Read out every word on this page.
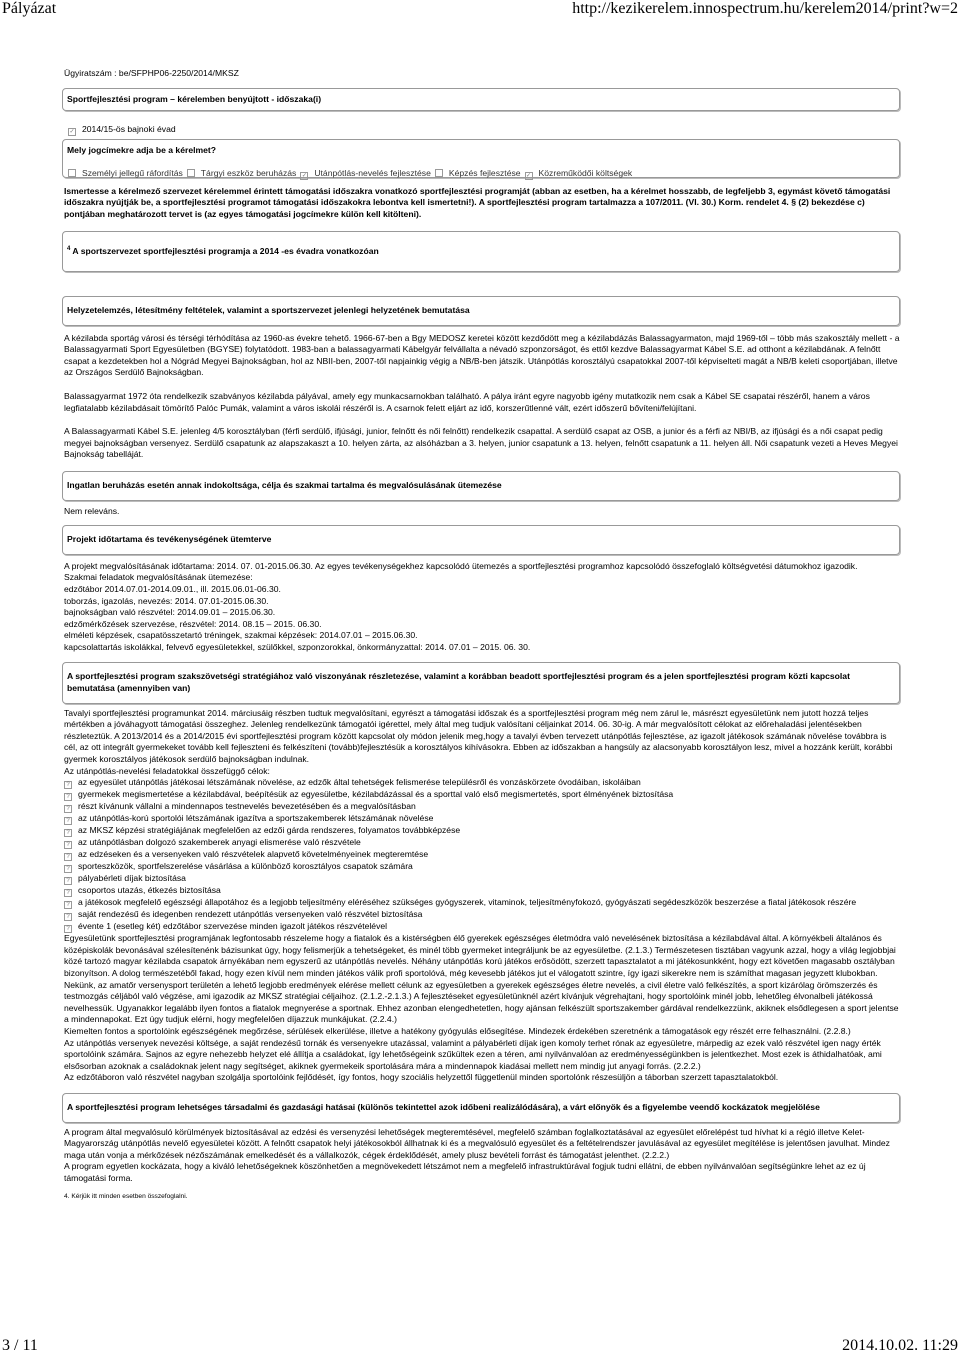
Pályázat	http://kezikerelem.innospectrum.hu/kerelem2014/print?w=2

Ügyiratszám : be/SFPHP06-2250/2014/MKSZ

Sportfejlesztési program – kérelemben benyújtott - időszaka(i)
✓ 2014/15-ös bajnoki évad
Mely jogcímekre adja be a kérelmet?
Személyi jellegű ráfordítás Tárgyi eszköz beruházás ✓ Utánpótlás-nevelés fejlesztése Képzés fejlesztése ✓ Közreműködői költségek

Ismertesse a kérelmező szervezet kérelemmel érintett támogatási időszakra vonatkozó sportfejlesztési programját (abban az esetben, ha a kérelmet hosszabb, de legfeljebb 3, egymást követő támogatási időszakra nyújtják be, a sportfejlesztési programot támogatási időszakokra lebontva kell ismertetni!). A sportfejlesztési program tartalmazza a 107/2011. (VI. 30.) Korm. rendelet 4. § (2) bekezdése c) pontjában meghatározott tervet is (az egyes támogatási jogcímekre külön kell kitölteni).

$^4$ A sportszervezet sportfejlesztési programja a 2014 -es évadra vonatkozóan
Helyzetelemzés, létesítmény feltételek, valamint a sportszervezet jelenlegi helyzetének bemutatása

A kézilabda sportág városi és térségi térhódítása az 1960-as évekre tehető. 1966-67-ben a Bgy MEDOSZ keretei között kezdődött meg a kézilabdázás Balassagyarmaton, majd 1969-től – több más szakosztály mellett - a Balassagyarmati Sport Egyesületben (BGYSE) folytatódott. 1983-ban a balassagyarmati Kábelgyár felvállalta a névadó szponzorságot, és ettől kezdve Balassagyarmat Kábel S.E. ad otthont a kézilabdának. A felnőtt csapat a kezdetekben hol a Nógrád Megyei Bajnokságban, hol az NBII-ben, 2007-től napjainkig végig a NB/B-ben játszik. Utánpótlás korosztályú csapatokkal 2007-től képviselteti magát a NB/B keleti csoportjában, illetve az Országos Serdülő Bajnokságban.

Balassagyarmat 1972 óta rendelkezik szabványos kézilabda pályával, amely egy munkacsarnokban található. A pálya iránt egyre nagyobb igény mutatkozik nem csak a Kábel SE csapatai részéről, hanem a város legfiatalabb kézilabdásait tömörítő Palóc Pumák, valamint a város iskolái részéről is. A csarnok felett eljárt az idő, korszerűtlenné vált, ezért időszerű bővíteni/felújítani.

A Balassagyarmati Kábel S.E. jelenleg 4/5 korosztályban (férfi serdülő, ifjúsági, junior, felnőtt és női felnőtt) rendelkezik csapattal. A serdülő csapat az OSB, a junior és a férfi az NBI/B, az ifjúsági és a női csapat pedig megyei bajnokságban versenyez. Serdülő csapatunk az alapszakaszt a 10. helyen zárta, az alsóházban a 3. helyen, junior csapatunk a 13. helyen, felnőtt csapatunk a 11. helyen áll. Női csapatunk vezeti a Heves Megyei Bajnokság tabelláját.

Ingatlan beruházás esetén annak indokoltsága, célja és szakmai tartalma és megvalósulásának ütemezése

Nem releváns.

Projekt időtartama és tevékenységének ütemterve

A projekt megvalósításának időtartama: 2014. 07. 01-2015.06.30. Az egyes tevékenységekhez kapcsolódó ütemezés a sportfejlesztési programhoz kapcsolódó összefoglaló költségvetési dátumokhoz igazodik.

Szakmai feladatok megvalósításának ütemezése:

edzőtábor 2014.07.01-2014.09.01., ill. 2015.06.01-06.30.

toborzás, igazolás, nevezés: 2014. 07.01-2015.06.30.

bajnokságban való részvétel: 2014.09.01 – 2015.06.30.

edzőmérkőzések szervezése, részvétel: 2014. 08.15 – 2015. 06.30.

elméleti képzések, csapatösszetartó tréningek, szakmai képzések: 2014.07.01 – 2015.06.30.

kapcsolattartás iskolákkal, felvevő egyesületekkel, szülőkkel, szponzorokkal, önkormányzattal: 2014. 07.01 – 2015. 06. 30.

A sportfejlesztési program szakszövetségi stratégiához való viszonyának részletezése, valamint a korábban beadott sportfejlesztési program és a jelen sportfejlesztési program közti kapcsolat bemutatása (amennyiben van)

Tavalyi sportfejlesztési programunkat 2014. márciusáig részben tudtuk megvalósítani, egyrészt a támogatási időszak és a sportfejlesztési program még nem zárul le, másrészt egyesületünk nem jutott hozzá teljes mértékben a jóváhagyott támogatási összeghez. Jelenleg rendelkezünk támogatói igérettel, mely által meg tudjuk valósítani céljainkat 2014. 06. 30-ig. A már megvalósított célokat az előrehaladási jelentésekben részleteztük. A 2013/2014 és a 2014/2015 évi sportfejlesztési program között kapcsolat oly módon jelenik meg,hogy a tavalyi évben tervezett utánpótlás fejlesztése, az igazolt játékosok számának növelése továbbra is cél, az ott integrált gyermekeket tovább kell fejleszteni és felkészíteni (tovább)fejlesztésük a korosztályos kihívásokra. Ebben az időszakban a hangsúly az alacsonyabb korosztályon lesz, mivel a hozzánk került, korábbi gyermek korosztályos játékosok serdülő bajnokságban indulnak.

Az utánpótlás-nevelési feladatokkal összefüggő célok:

? az egyesület utánpótlás játékosai létszámának növelése, az edzők által tehetségek felismerése településről és vonzáskörzete óvodáiban, iskoláiban
? gyermekek megismertetése a kézilabdával, beépítésük az egyesületbe, kézilabdázással és a sporttal való első megismertetés, sport élményének biztosítása
? részt kívánunk vállalni a mindennapos testnevelés bevezetésében és a megvalósításban
? az utánpótlás-korú sportolói létszámának igazítva a sportszakemberek létszámának növelése
? az MKSZ képzési stratégiájának megfelelően az edzői gárda rendszeres, folyamatos továbbképzése
? az utánpótlásban dolgozó szakemberek anyagi elismerése való részvétele
? az edzéseken és a versenyeken való részvételek alapvető követelményeinek megteremtése
? sporteszközök, sportfelszerelése vásárlása a különböző korosztályos csapatok számára
? pályabérleti díjak biztosítása
? csoportos utazás, étkezés biztosítása
? a játékosok megfelelő egészségi állapotához és a legjobb teljesítmény eléréséhez szükséges gyógyszerek, vitaminok, teljesítményfokozó, gyógyászati segédeszközök beszerzése a fiatal játékosok részére
? saját rendezésű és idegenben rendezett utánpótlás versenyeken való részvétel biztosítása
? évente 1 (esetleg két) edzőtábor szervezése minden igazolt játékos részvételével

Egyesületünk sportfejlesztési programjának legfontosabb részeleme hogy a fiatalok és a kistérségben élő gyerekek egészséges életmódra való nevelésének biztosítása a kézilabdával által. A környékbeli általános és középiskolák bevonásával szélesítenénk bázisunkat úgy, hogy felismerjük a tehetségeket, és minél több gyermeket integráljunk be az egyesületbe. (2.1.3.) Természetesen tisztában vagyunk azzal, hogy a világ legjobbjai közé tartozó magyar kézilabda csapatok árnyékában nem egyszerű az utánpótlás nevelés. Néhány utánpótlás korú játékos erősödött, szerzett tapasztalatot a mi játékosunkként, hogy ezt követően magasabb osztályban bizonyítson. A dolog természetéből fakad, hogy ezen kívül nem minden játékos válik profi sportolóvá, még kevesebb játékos jut el válogatott szintre, így igazi sikerekre nem is számíthat magasan jegyzett klubokban. Nekünk, az amatőr versenysport területén a lehető legjobb eredmények elérése mellett célunk az egyesületben a gyerekek egészséges életre nevelés, a civil életre való felkészítés, a sport kizárólag örömszerzés és testmozgás céljából való végzése, ami igazodik az MKSZ stratégiai céljaihoz. (2.1.2.-2.1.3.) A fejlesztéseket egyesületünknél azért kívánjuk végrehajtani, hogy sportolóink minél jobb, lehetőleg élvonalbeli játékossá nevelhessük. Ugyanakkor legalább ilyen fontos a fiatalok megnyerése a sportnak. Ehhez azonban elengedhetetlen, hogy ajánsan felkészült sportszakember gárdával rendelkezzünk, akiknek elsődlegesen a sport jelentse a mindennapokat. Ezt úgy tudjuk elérni, hogy megfelelően díjazzuk munkájukat. (2.2.4.)

Kiemelten fontos a sportolóink egészségének megőrzése, sérülések elkerülése, illetve a hatékony gyógyulás elősegítése. Mindezek érdekében szeretnénk a támogatások egy részét erre felhasználni. (2.2.8.)

Az utánpótlás versenyek nevezési költsége, a saját rendezésű tornák és versenyekre utazással, valamint a pályabérleti díjak igen komoly terhet rónak az egyesületre, márpedig az ezek való részvétel igen nagy érték sportolóink számára. Sajnos az egyre nehezebb helyzet elé állítja a családokat, így lehetőségeink szűkültek ezen a téren, ami nyilvánvalóan az eredményességünkben is jelentkezhet. Most ezek is áthidalhatóak, ami elsősorban azoknak a családoknak jelent nagy segítséget, akiknek gyermekeik sportolására mára a mindennapok kiadásai mellett nem mindig jut anyagi forrás. (2.2.2.)

Az edzőtáboron való részvétel nagyban szolgálja sportolóink fejlődését, így fontos, hogy szociális helyzettől függetlenül minden sportolónk részesüljön a táborban szerzett tapasztalatokból.

A sportfejlesztési program lehetséges társadalmi és gazdasági hatásai (különös tekintettel azok időbeni realizálódására), a várt előnyök és a figyelembe veendő kockázatok megjelölése

A program által megvalósuló körülmények biztosításával az edzési és versenyzési lehetőségek megteremtésével, megfelelő számban foglalkoztatásával az egyesület előrelépést tud hívhat ki a régió illetve Kelet-Magyarország utánpótlás nevelő egyesületei között. A felnőtt csapatok helyi játékosokból állhatnak ki és a megvalósuló egyesület és a feltételrendszer javulásával az egyesület megítélése is jelentősen javulhat. Mindez maga után vonja a mérkőzések nézőszámának emelkedését és a vállalkozók, cégek érdeklődését, amely plusz bevételi forrást és támogatást jelenthet. (2.2.2.)

A program egyetlen kockázata, hogy a kiváló lehetőségeknek köszönhetően a megnövekedett létszámot nem a megfelelő infrastruktúrával fogjuk tudni ellátni, de ebben nyilvánvalóan segítségünkre lehet az ez új támogatási forma.

4. Kérjük itt minden esetben összefoglalni.

3 / 11	2014.10.02. 11:29
